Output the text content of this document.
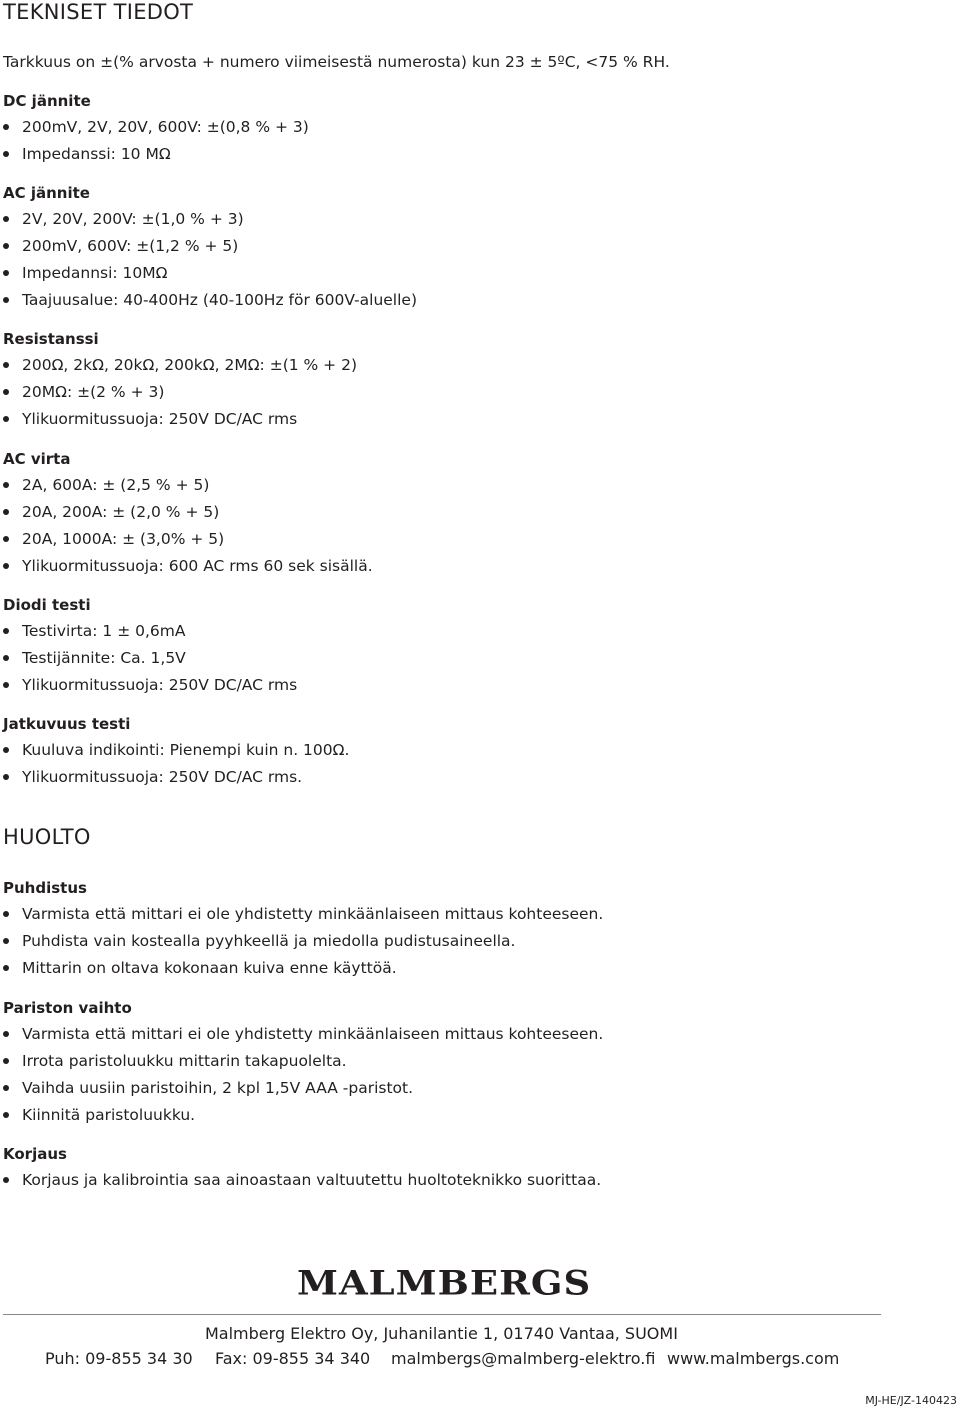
TEKNISET TIEDOT

Tarkkuus on ±(% arvosta + numero viimeisestä numerosta) kun 23 ± 5ºC, <75 % RH.

DC jännite
200mV, 2V, 20V, 600V: ±(0,8 % + 3)
Impedanssi: 10 MΩ
AC jännite
2V, 20V, 200V: ±(1,0 % + 3)
200mV, 600V: ±(1,2 % + 5)
Impedannsi: 10MΩ
Taajuusalue: 40-400Hz (40-100Hz för 600V-aluelle)
Resistanssi
200Ω, 2kΩ, 20kΩ, 200kΩ, 2MΩ: ±(1 % + 2)
20MΩ: ±(2 % + 3)
Ylikuormitussuoja: 250V DC/AC rms
AC virta
2A, 600A: ± (2,5 % + 5)
20A, 200A: ± (2,0 % + 5)
20A, 1000A: ± (3,0% + 5)
Ylikuormitussuoja: 600 AC rms 60 sek sisällä.
Diodi testi
Testivirta: 1 ± 0,6mA
Testijännite: Ca. 1,5V
Ylikuormitussuoja: 250V DC/AC rms
Jatkuvuus testi
Kuuluva indikointi: Pienempi kuin n. 100Ω.
Ylikuormitussuoja: 250V DC/AC rms.
HUOLTO
Puhdistus
Varmista että mittari ei ole yhdistetty minkäänlaiseen mittaus kohteeseen.
Puhdista vain kostealla pyyhkeellä ja miedolla pudistusaineella.
Mittarin on oltava kokonaan kuiva enne käyttöä.
Pariston vaihto
Varmista että mittari ei ole yhdistetty minkäänlaiseen mittaus kohteeseen.
Irrota paristoluukku mittarin takapuolelta.
Vaihda uusiin paristoihin, 2 kpl 1,5V AAA -paristot.
Kiinnitä paristoluukku.
Korjaus
Korjaus ja kalibrointia saa ainoastaan valtuutettu huoltoteknikko suorittaa.
MALMBERGS
Malmberg Elektro Oy, Juhanilantie 1, 01740 Vantaa, SUOMI
Puh: 09-855 34 30 Fax: 09-855 34 340 malmbergs@malmberg-elektro.fi www.malmbergs.com
MJ-HE/JZ-140423
